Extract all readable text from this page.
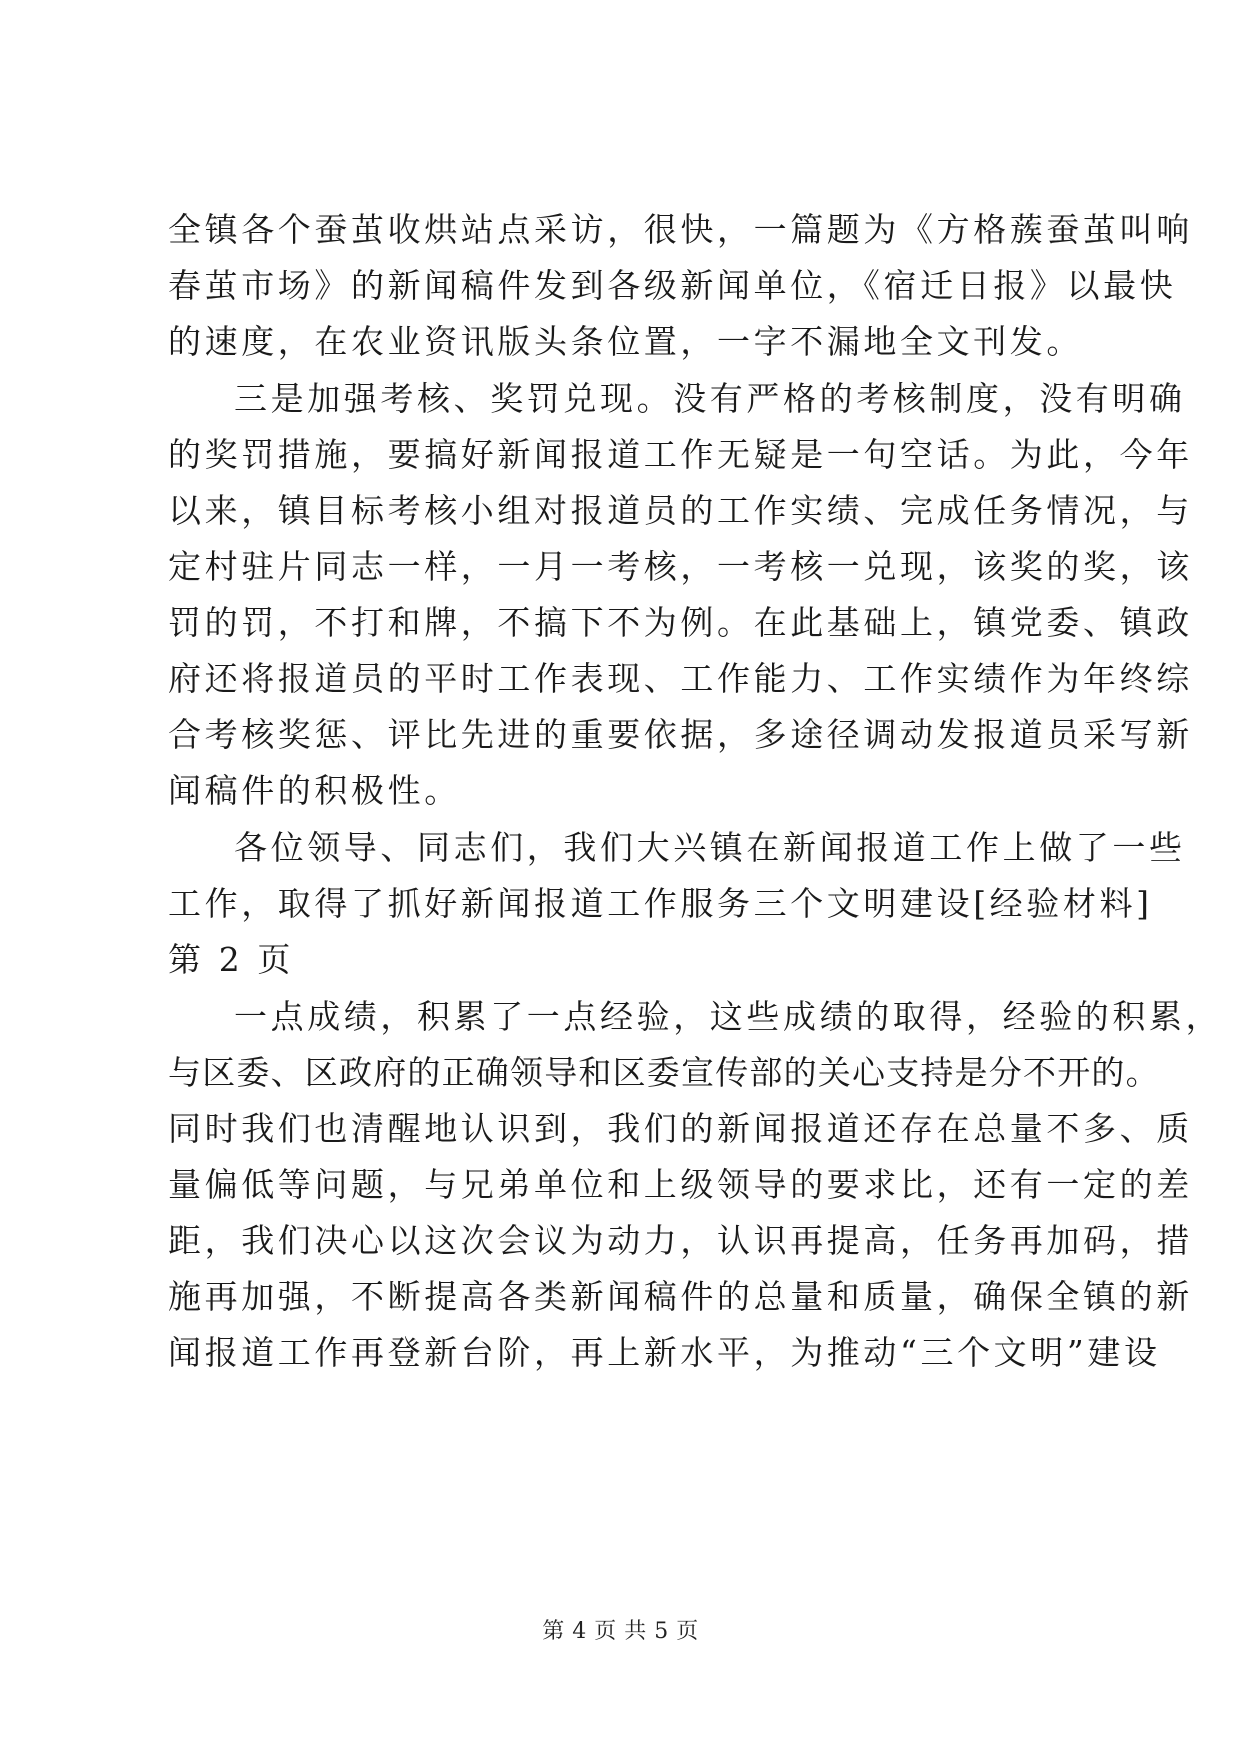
全镇各个蚕茧收烘站点采访，很快，一篇题为《方格蔟蚕茧叫响
春茧市场》的新闻稿件发到各级新闻单位，《宿迁日报》以最快
的速度，在农业资讯版头条位置，一字不漏地全文刊发。
三是加强考核、奖罚兑现。没有严格的考核制度，没有明确
的奖罚措施，要搞好新闻报道工作无疑是一句空话。为此，今年
以来，镇目标考核小组对报道员的工作实绩、完成任务情况，与
定村驻片同志一样，一月一考核，一考核一兑现，该奖的奖，该
罚的罚，不打和牌，不搞下不为例。在此基础上，镇党委、镇政
府还将报道员的平时工作表现、工作能力、工作实绩作为年终综
合考核奖惩、评比先进的重要依据，多途径调动发报道员采写新
闻稿件的积极性。
各位领导、同志们，我们大兴镇在新闻报道工作上做了一些
工作，取得了抓好新闻报道工作服务三个文明建设[经验材料]
第 2 页
一点成绩，积累了一点经验，这些成绩的取得，经验的积累，
与区委、区政府的正确领导和区委宣传部的关心支持是分不开的。
同时我们也清醒地认识到，我们的新闻报道还存在总量不多、质
量偏低等问题，与兄弟单位和上级领导的要求比，还有一定的差
距，我们决心以这次会议为动力，认识再提高，任务再加码，措
施再加强，不断提高各类新闻稿件的总量和质量，确保全镇的新
闻报道工作再登新台阶，再上新水平，为推动“三个文明”建设
第 4 页 共 5 页
